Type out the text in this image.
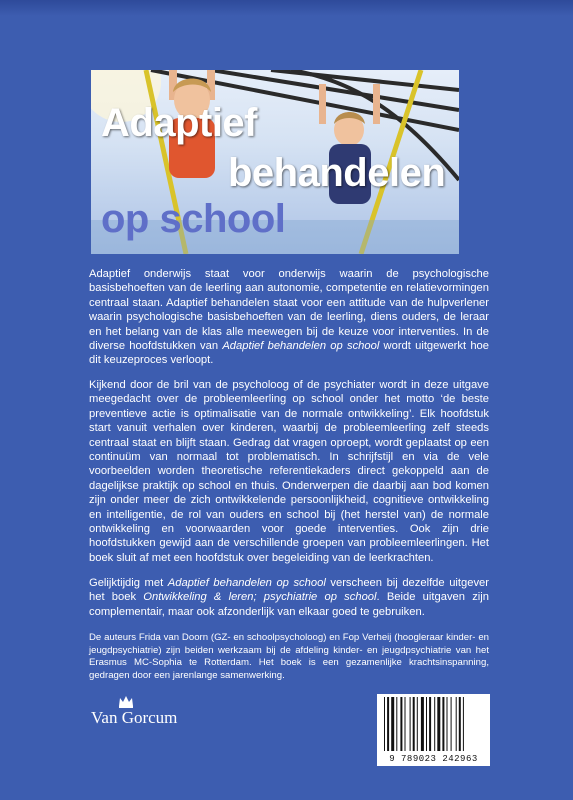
Adaptief
behandelen
op school

Adaptief onderwijs staat voor onderwijs waarin de psychologische basisbehoeften van de leerling aan autonomie, competentie en relatievormingen centraal staan. Adaptief behandelen staat voor een attitude van de hulpverlener waarin psychologische basisbehoeften van de leerling, diens ouders, de leraar en het belang van de klas alle meewegen bij de keuze voor interventies. In de diverse hoofdstukken van Adaptief behandelen op school wordt uitgewerkt hoe dit keuzeproces verloopt.

Kijkend door de bril van de psycholoog of de psychiater wordt in deze uitgave meegedacht over de probleemleerling op school onder het motto ‘de beste preventieve actie is optimalisatie van de normale ontwikkeling’. Elk hoofdstuk start vanuit verhalen over kinderen, waarbij de probleemleerling zelf steeds centraal staat en blijft staan. Gedrag dat vragen oproept, wordt geplaatst op een continuüm van normaal tot problematisch. In schrijfstijl en via de vele voorbeelden worden theoretische referentiekaders direct gekoppeld aan de dagelijkse praktijk op school en thuis. Onderwerpen die daarbij aan bod komen zijn onder meer de zich ontwikkelende persoonlijkheid, cognitieve ontwikkeling en intelligentie, de rol van ouders en school bij (het herstel van) de normale ontwikkeling en voorwaarden voor goede interventies. Ook zijn drie hoofdstukken gewijd aan de verschillende groepen van probleemleerlingen. Het boek sluit af met een hoofdstuk over begeleiding van de leerkrachten.

Gelijktijdig met Adaptief behandelen op school verscheen bij dezelfde uitgever het boek Ontwikkeling & leren; psychiatrie op school. Beide uitgaven zijn complementair, maar ook afzonderlijk van elkaar goed te gebruiken.

De auteurs Frida van Doorn (GZ- en schoolpsycholoog) en Fop Verheij (hoogleraar kinder- en jeugdpsychiatrie) zijn beiden werkzaam bij de afdeling kinder- en jeugdpsychiatrie van het Erasmus MC-Sophia te Rotterdam. Het boek is een gezamenlijke krachtsinspanning, gedragen door een jarenlange samenwerking.

Van Gorcum
9 789023 242963
